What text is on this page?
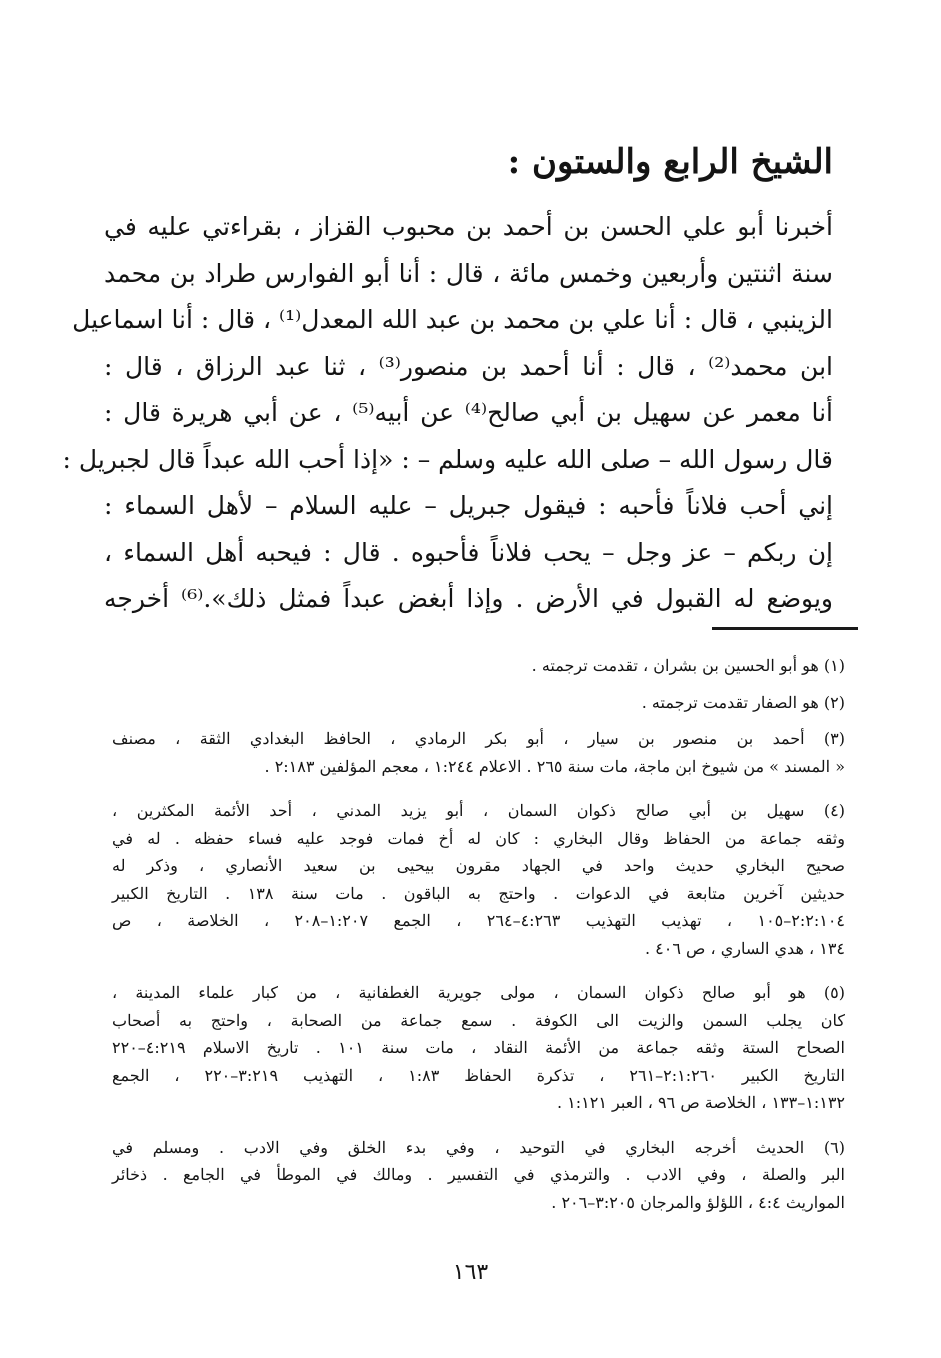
الشيخ الرابع والستون :
أخبرنا أبو علي الحسن بن أحمد بن محبوب القزاز ، بقراءتي عليه في
سنة اثنتين وأربعين وخمس مائة ، قال : أنا أبو الفوارس طراد بن محمد
الزينبي ، قال : أنا علي بن محمد بن عبد الله المعدل⁽¹⁾ ، قال : أنا اسماعيل
ابن محمد⁽²⁾ ، قال : أنا أحمد بن منصور⁽³⁾ ، ثنا عبد الرزاق ، قال :
أنا معمر عن سهيل بن أبي صالح⁽⁴⁾ عن أبيه⁽⁵⁾ ، عن أبي هريرة قال :
قال رسول الله – صلى الله عليه وسلم – : «إذا أحب الله عبداً قال لجبريل :
إني أحب فلاناً فأحبه : فيقول جبريل – عليه السلام – لأهل السماء :
إن ربكم – عز وجل – يحب فلاناً فأحبوه . قال : فيحبه أهل السماء ،
ويوضع له القبول في الأرض . وإذا أبغض عبداً فمثل ذلك».⁽⁶⁾ أخرجه
(١) هو أبو الحسين بن بشران ، تقدمت ترجمته .
(٢) هو الصفار تقدمت ترجمته .
(٣) أحمد بن منصور بن سيار ، أبو بكر الرمادي ، الحافظ البغدادي الثقة ، مصنف
« المسند » من شيوخ ابن ماجة، مات سنة ٢٦٥ . الاعلام ١:٢٤٤ ، معجم المؤلفين ٢:١٨٣ .
(٤) سهيل بن أبي صالح ذكوان السمان ، أبو يزيد المدني ، أحد الأئمة المكثرين ،
وثقه جماعة من الحفاظ وقال البخاري : كان له أخ فمات فوجد عليه فساء حفظه . له في
صحيح البخاري حديث واحد في الجهاد مقرون بيحيى بن سعيد الأنصاري ، وذكر له
حديثين آخرين متابعة في الدعوات . واحتج به الباقون . مات سنة ١٣٨ . التاريخ الكبير
٢:٢:١٠٤–١٠٥ ، تهذيب التهذيب ٤:٢٦٣–٢٦٤ ، الجمع ١:٢٠٧–٢٠٨ ، الخلاصة ، ص
١٣٤ ، هدي الساري ، ص ٤٠٦ .
(٥) هو أبو صالح ذكوان السمان ، مولى جويرية الغطفانية ، من كبار علماء المدينة ،
كان يجلب السمن والزيت الى الكوفة . سمع جماعة من الصحابة ، واحتج به أصحاب
الصحاح الستة وثقه جماعة من الأئمة النقاد ، مات سنة ١٠١ . تاريخ الاسلام ٤:٢١٩–٢٢٠
التاريخ الكبير ٢:١:٢٦٠–٢٦١ ، تذكرة الحفاظ ١:٨٣ ، التهذيب ٣:٢١٩–٢٢٠ ، الجمع
١:١٣٢–١٣٣ ، الخلاصة ص ٩٦ ، العبر ١:١٢١ .
(٦) الحديث أخرجه البخاري في التوحيد ، وفي بدء الخلق وفي الادب . ومسلم في
البر والصلة ، وفي الادب . والترمذي في التفسير . ومالك في الموطأ في الجامع . ذخائر
المواريث ٤:٤ ، اللؤلؤ والمرجان ٣:٢٠٥–٢٠٦ .
١٦٣
